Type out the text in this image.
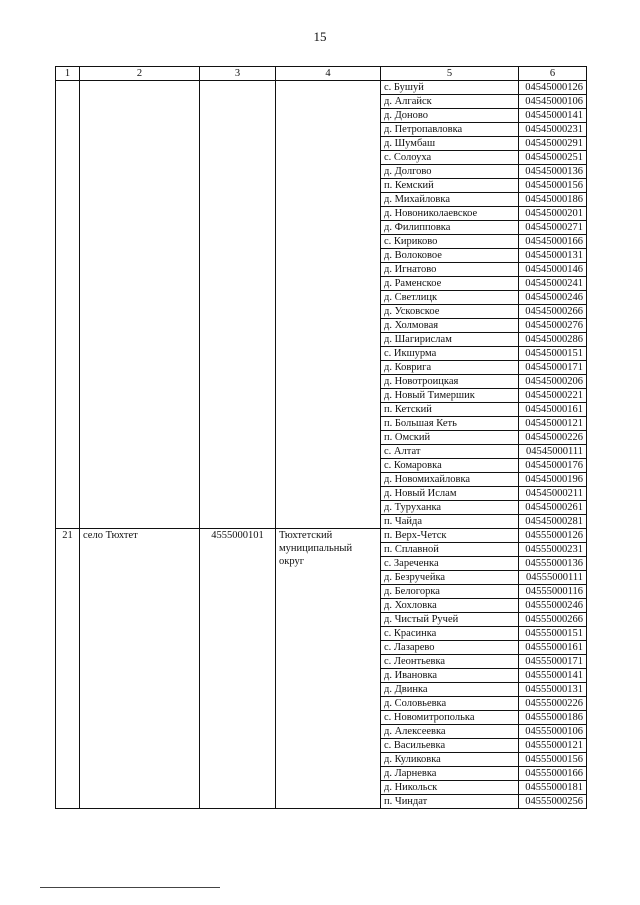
15
1	2	3	4	5	6
				с. Бушуй	04545000126
				д. Алгайск	04545000106
				д. Доново	04545000141
				д. Петропавловка	04545000231
				д. Шумбаш	04545000291
				с. Солоуха	04545000251
				д. Долгово	04545000136
				п. Кемский	04545000156
				д. Михайловка	04545000186
				д. Новониколаевское	04545000201
				д. Филипповка	04545000271
				с. Кириково	04545000166
				д. Волоковое	04545000131
				д. Игнатово	04545000146
				д. Раменское	04545000241
				д. Светлицк	04545000246
				д. Усковское	04545000266
				д. Холмовая	04545000276
				д. Шагирислам	04545000286
				с. Икшурма	04545000151
				д. Коврига	04545000171
				д. Новотроицкая	04545000206
				д. Новый Тимершик	04545000221
				п. Кетский	04545000161
				п. Большая Кеть	04545000121
				п. Омский	04545000226
				с. Алтат	04545000111
				с. Комаровка	04545000176
				д. Новомихайловка	04545000196
				д. Новый Ислам	04545000211
				д. Туруханка	04545000261
				п. Чайда	04545000281
21	село Тюхтет	4555000101	Тюхтетский муниципальный округ	п. Верх-Четск	04555000126
				п. Сплавной	04555000231
				с. Зареченка	04555000136
				д. Безручейка	04555000111
				д. Белогорка	04555000116
				д. Хохловка	04555000246
				д. Чистый Ручей	04555000266
				с. Красинка	04555000151
				с. Лазарево	04555000161
				с. Леонтьевка	04555000171
				д. Ивановка	04555000141
				д. Двинка	04555000131
				д. Соловьевка	04555000226
				с. Новомитрополька	04555000186
				д. Алексеевка	04555000106
				с. Васильевка	04555000121
				д. Куликовка	04555000156
				д. Ларневка	04555000166
				д. Никольск	04555000181
				п. Чиндат	04555000256
